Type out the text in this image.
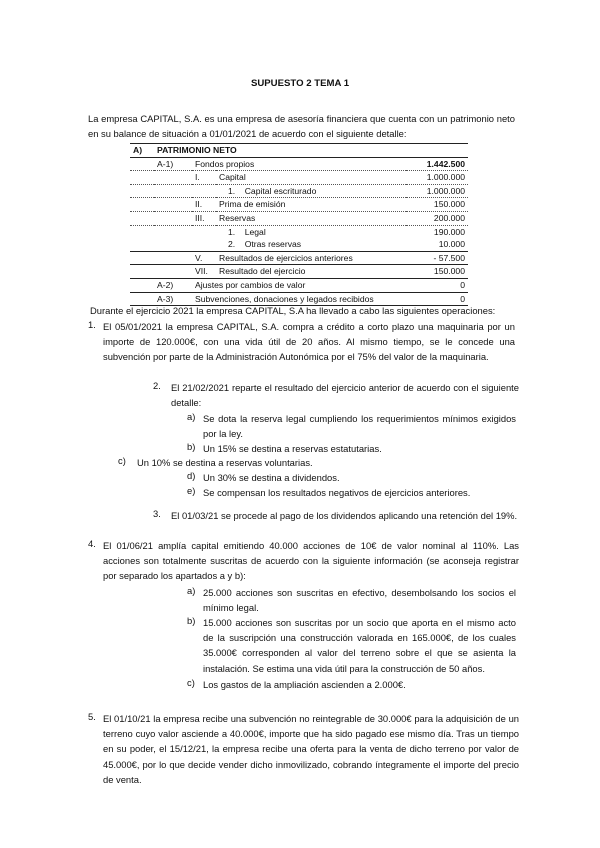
SUPUESTO 2 TEMA 1
La empresa CAPITAL, S.A. es una empresa de asesoría financiera que cuenta con un patrimonio neto en su balance de situación a 01/01/2021 de acuerdo con el siguiente detalle:
A)	PATRIMONIO NETO			
	A-1)	Fondos propios		1.442.500
		I.	Capital	1.000.000
			1.    Capital escriturado	1.000.000
		II.	Prima de emisión	150.000
		III.	Reservas	200.000
			1.    Legal	190.000
			2.    Otras reservas	10.000
		V.	Resultados de ejercicios anteriores	- 57.500
		VII.	Resultado del ejercicio	150.000
	A-2)	Ajustes por cambios de valor		0
	A-3)	Subvenciones, donaciones y legados recibidos		0
Durante el ejercicio 2021 la empresa CAPITAL, S.A ha llevado a cabo las siguientes operaciones:
1. El 05/01/2021 la empresa CAPITAL, S.A. compra a crédito a corto plazo una maquinaria por un importe de 120.000€, con una vida útil de 20 años. Al mismo tiempo, se le concede una subvención por parte de la Administración Autonómica por el 75% del valor de la maquinaria.
2. El 21/02/2021 reparte el resultado del ejercicio anterior de acuerdo con el siguiente detalle:
a) Se dota la reserva legal cumpliendo los requerimientos mínimos exigidos por la ley.
b) Un 15% se destina a reservas estatutarias.
c) Un 10% se destina a reservas voluntarias.
d) Un 30% se destina a dividendos.
e) Se compensan los resultados negativos de ejercicios anteriores.
3. El 01/03/21 se procede al pago de los dividendos aplicando una retención del 19%.
4. El 01/06/21 amplía capital emitiendo 40.000 acciones de 10€ de valor nominal al 110%. Las acciones son totalmente suscritas de acuerdo con la siguiente información (se aconseja registrar por separado los apartados a y b):
a) 25.000 acciones son suscritas en efectivo, desembolsando los socios el mínimo legal.
b) 15.000 acciones son suscritas por un socio que aporta en el mismo acto de la suscripción una construcción valorada en 165.000€, de los cuales 35.000€ corresponden al valor del terreno sobre el que se asienta la instalación. Se estima una vida útil para la construcción de 50 años.
c) Los gastos de la ampliación ascienden a 2.000€.
5. El 01/10/21 la empresa recibe una subvención no reintegrable de 30.000€ para la adquisición de un terreno cuyo valor asciende a 40.000€, importe que ha sido pagado ese mismo día. Tras un tiempo en su poder, el 15/12/21, la empresa recibe una oferta para la venta de dicho terreno por valor de 45.000€, por lo que decide vender dicho inmovilizado, cobrando íntegramente el importe del precio de venta.
